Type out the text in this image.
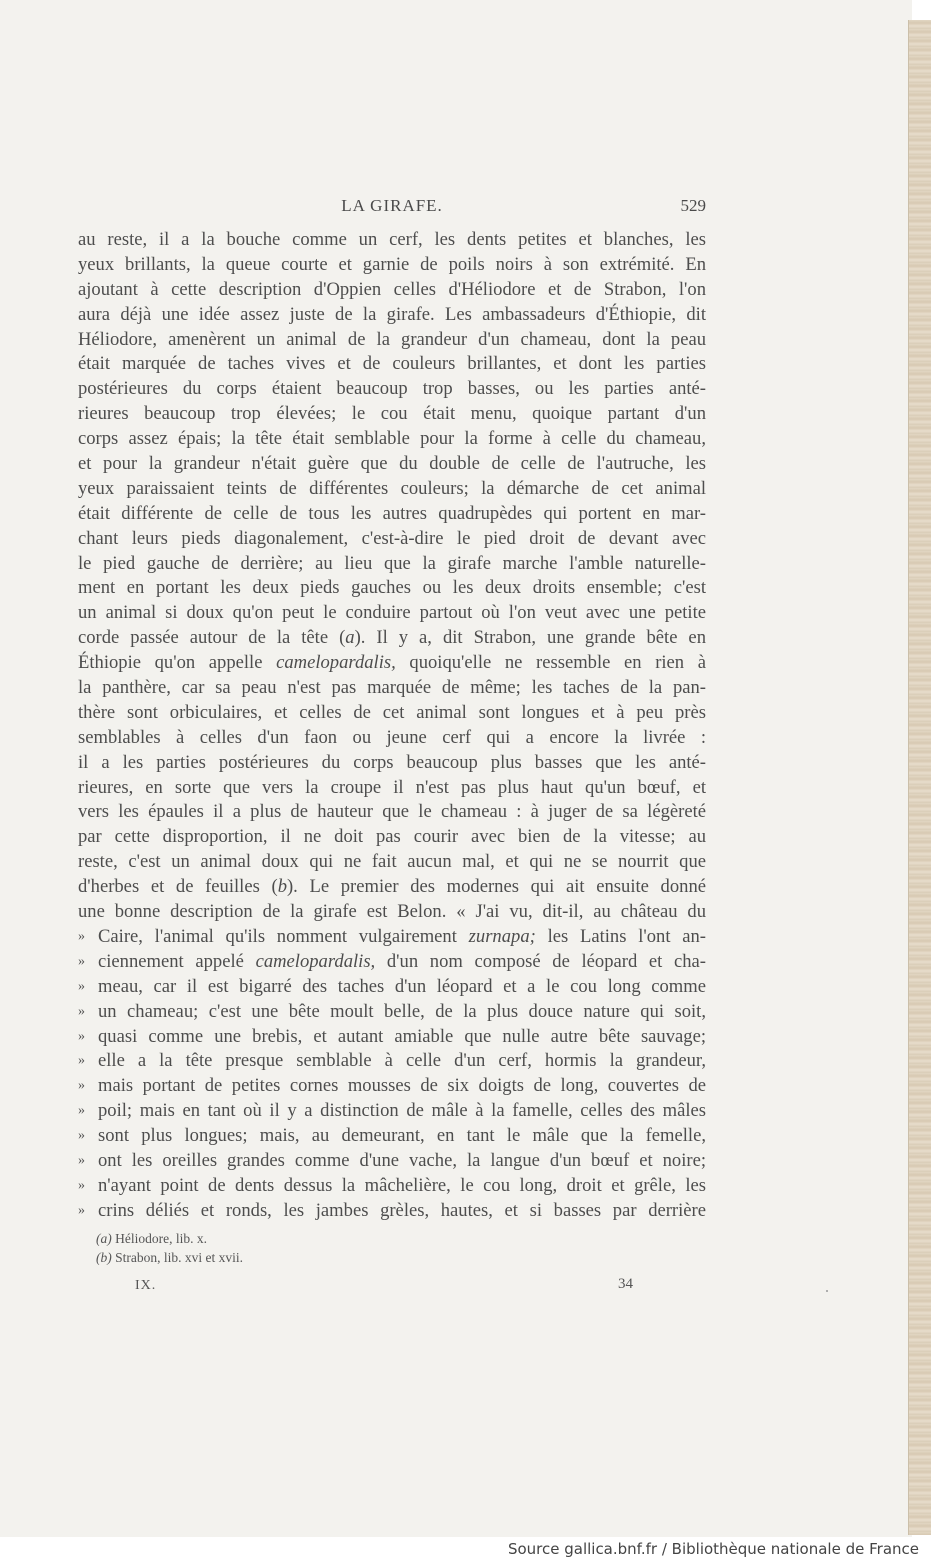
LA GIRAFE.	529
au reste, il a la bouche comme un cerf, les dents petites et blanches, les
yeux brillants, la queue courte et garnie de poils noirs à son extrémité. En
ajoutant à cette description d'Oppien celles d'Héliodore et de Strabon, l'on
aura déjà une idée assez juste de la girafe. Les ambassadeurs d'Éthiopie, dit
Héliodore, amenèrent un animal de la grandeur d'un chameau, dont la peau
était marquée de taches vives et de couleurs brillantes, et dont les parties
postérieures du corps étaient beaucoup trop basses, ou les parties anté-
rieures beaucoup trop élevées; le cou était menu, quoique partant d'un
corps assez épais; la tête était semblable pour la forme à celle du chameau,
et pour la grandeur n'était guère que du double de celle de l'autruche, les
yeux paraissaient teints de différentes couleurs; la démarche de cet animal
était différente de celle de tous les autres quadrupèdes qui portent en mar-
chant leurs pieds diagonalement, c'est-à-dire le pied droit de devant avec
le pied gauche de derrière; au lieu que la girafe marche l'amble naturelle-
ment en portant les deux pieds gauches ou les deux droits ensemble; c'est
un animal si doux qu'on peut le conduire partout où l'on veut avec une petite
corde passée autour de la tête (a). Il y a, dit Strabon, une grande bête en
Éthiopie qu'on appelle camelopardalis, quoiqu'elle ne ressemble en rien à
la panthère, car sa peau n'est pas marquée de même; les taches de la pan-
thère sont orbiculaires, et celles de cet animal sont longues et à peu près
semblables à celles d'un faon ou jeune cerf qui a encore la livrée :
il a les parties postérieures du corps beaucoup plus basses que les anté-
rieures, en sorte que vers la croupe il n'est pas plus haut qu'un bœuf, et
vers les épaules il a plus de hauteur que le chameau : à juger de sa légèreté
par cette disproportion, il ne doit pas courir avec bien de la vitesse; au
reste, c'est un animal doux qui ne fait aucun mal, et qui ne se nourrit que
d'herbes et de feuilles (b). Le premier des modernes qui ait ensuite donné
une bonne description de la girafe est Belon. « J'ai vu, dit-il, au château du
» Caire, l'animal qu'ils nomment vulgairement zurnapa; les Latins l'ont an-
» ciennement appelé camelopardalis, d'un nom composé de léopard et cha-
» meau, car il est bigarré des taches d'un léopard et a le cou long comme
» un chameau; c'est une bête moult belle, de la plus douce nature qui soit,
» quasi comme une brebis, et autant amiable que nulle autre bête sauvage;
» elle a la tête presque semblable à celle d'un cerf, hormis la grandeur,
» mais portant de petites cornes mousses de six doigts de long, couvertes de
» poil; mais en tant où il y a distinction de mâle à la famelle, celles des mâles
» sont plus longues; mais, au demeurant, en tant le mâle que la femelle,
» ont les oreilles grandes comme d'une vache, la langue d'un bœuf et noire;
» n'ayant point de dents dessus la mâchelière, le cou long, droit et grêle, les
» crins déliés et ronds, les jambes grèles, hautes, et si basses par derrière
(a) Héliodore, lib. x.
(b) Strabon, lib. xvi et xvii.
IX.	34
Source gallica.bnf.fr / Bibliothèque nationale de France
